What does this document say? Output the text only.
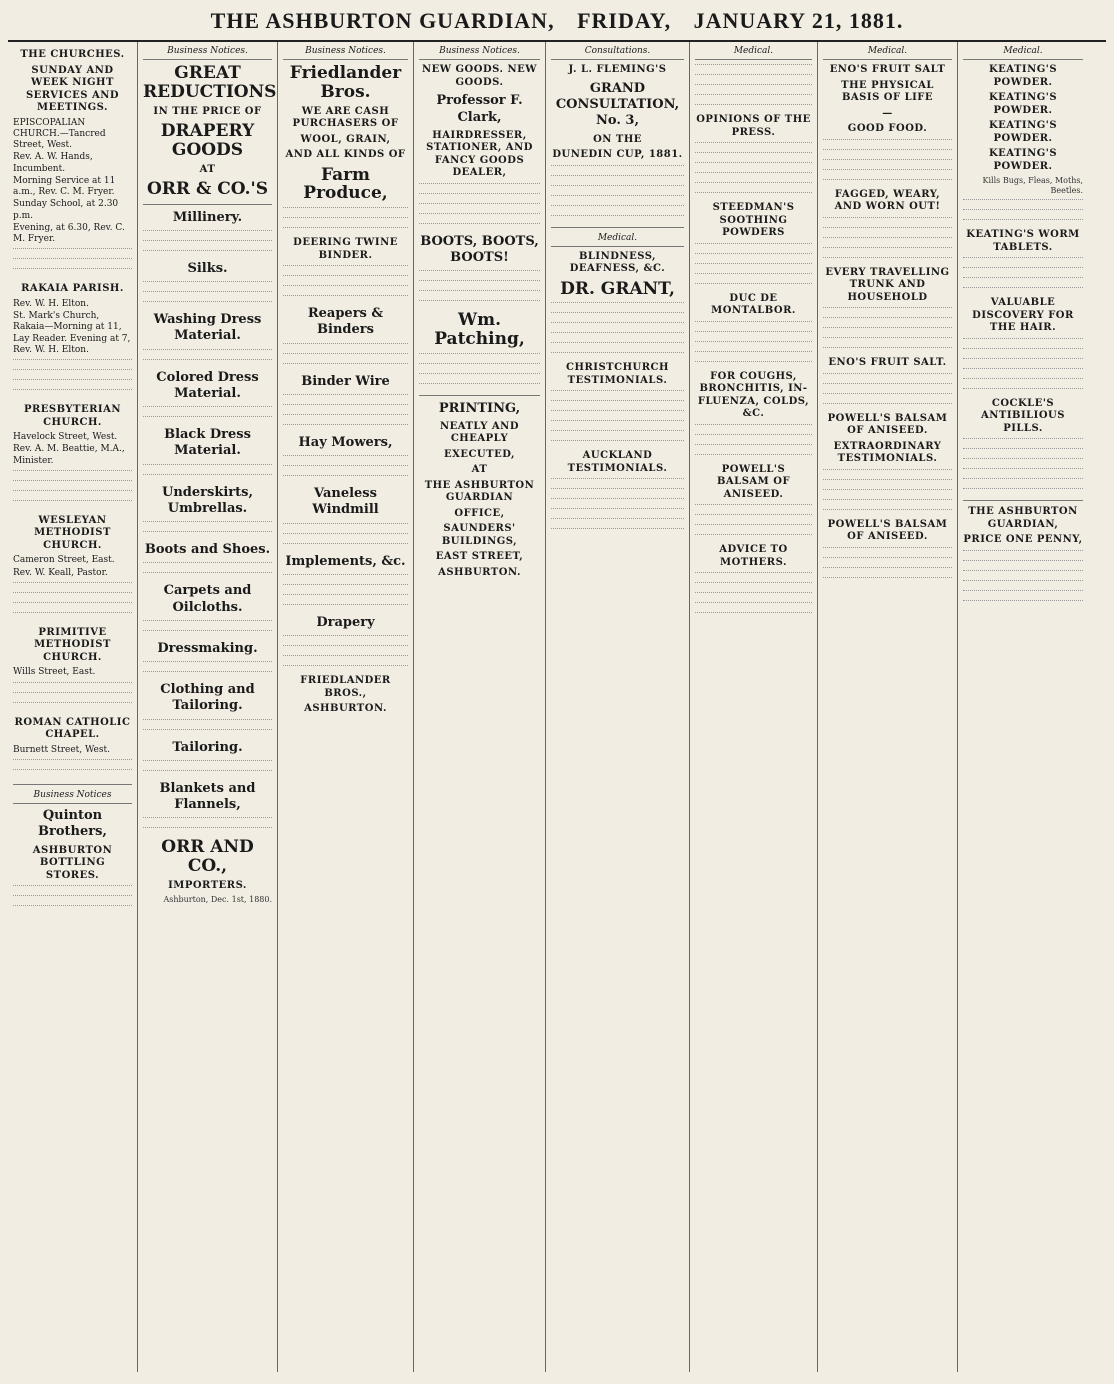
THE ASHBURTON GUARDIAN, FRIDAY, JANUARY 21, 1881.
THE CHURCHES.
SUNDAY AND WEEK NIGHT SERVICES AND MEETINGS.
EPISCOPALIAN CHURCH.—Tancred Street, West.
Rev. A. W. Hands, Incumbent.
Morning Service at 11 a.m., Rev. C. M. Fryer.
Sunday School, at 2.30 p.m.
Evening, at 6.30, Rev. C. M. Fryer.
RAKAIA PARISH.
Rev. W. H. Elton.
St. Mark's Church, Rakaia—Morning at 11, Lay Reader. Evening at 7, Rev. W. H. Elton.
PRESBYTERIAN CHURCH.
Havelock Street, West.
Rev. A. M. Beattie, M.A., Minister.
WESLEYAN METHODIST CHURCH.
Cameron Street, East.
Rev. W. Keall, Pastor.
PRIMITIVE METHODIST CHURCH.
Wills Street, East.
ROMAN CATHOLIC CHAPEL.
Burnett Street, West.
Business Notices
Quinton Brothers,
ASHBURTON BOTTLING STORES.
Business Notices.
GREAT REDUCTIONS
IN THE PRICE OF
DRAPERY GOODS
AT
ORR & CO.'S
Millinery.
Silks.
Washing Dress Material.
Colored Dress Material.
Black Dress Material.
Underskirts, Umbrellas.
Boots and Shoes.
Carpets and Oilcloths.
Dressmaking.
Clothing and Tailoring.
Tailoring.
Blankets and Flannels,
ORR AND CO.,
IMPORTERS.
Ashburton, Dec. 1st, 1880.
Business Notices.
Friedlander Bros.
WE ARE CASH PURCHASERS OF
WOOL, GRAIN,
AND ALL KINDS OF
Farm Produce,
DEERING TWINE BINDER.
Reapers & Binders
Binder Wire
Hay Mowers,
Vaneless Windmill
Implements, &c.
Drapery
FRIEDLANDER BROS.,
ASHBURTON.
Business Notices.
NEW GOODS. NEW GOODS.
Professor F. Clark,
HAIRDRESSER, STATIONER, AND FANCY GOODS DEALER,
BOOTS, BOOTS, BOOTS!
Wm. Patching,
PRINTING,
NEATLY AND CHEAPLY
EXECUTED,
AT
THE ASHBURTON GUARDIAN
OFFICE,
SAUNDERS' BUILDINGS,
EAST STREET,
ASHBURTON.
Consultations.
J. L. FLEMING'S
GRAND CONSULTATION, No. 3,
ON THE
DUNEDIN CUP, 1881.
Medical.
BLINDNESS, DEAFNESS, &C.
DR. GRANT,
CHRISTCHURCH TESTIMONIALS.
AUCKLAND TESTIMONIALS.
Medical.
OPINIONS OF THE PRESS.
STEEDMAN'S SOOTHING POWDERS
DUC DE MONTALBOR.
FOR COUGHS, BRONCHITIS, IN-FLUENZA, COLDS, &C.
POWELL'S BALSAM OF ANISEED.
ADVICE TO MOTHERS.
Medical.
ENO'S FRUIT SALT
THE PHYSICAL BASIS OF LIFE
—
GOOD FOOD.
FAGGED, WEARY, AND WORN OUT!
EVERY TRAVELLING TRUNK AND HOUSEHOLD
ENO'S FRUIT SALT.
POWELL'S BALSAM OF ANISEED.
EXTRAORDINARY TESTIMONIALS.
POWELL'S BALSAM OF ANISEED.
Medical.
KEATING'S POWDER.
KEATING'S POWDER.
KEATING'S POWDER.
KEATING'S POWDER.
Kills Bugs, Fleas, Moths, Beetles.
KEATING'S WORM TABLETS.
VALUABLE DISCOVERY FOR THE HAIR.
COCKLE'S ANTIBILIOUS PILLS.
THE ASHBURTON GUARDIAN,
PRICE ONE PENNY,
